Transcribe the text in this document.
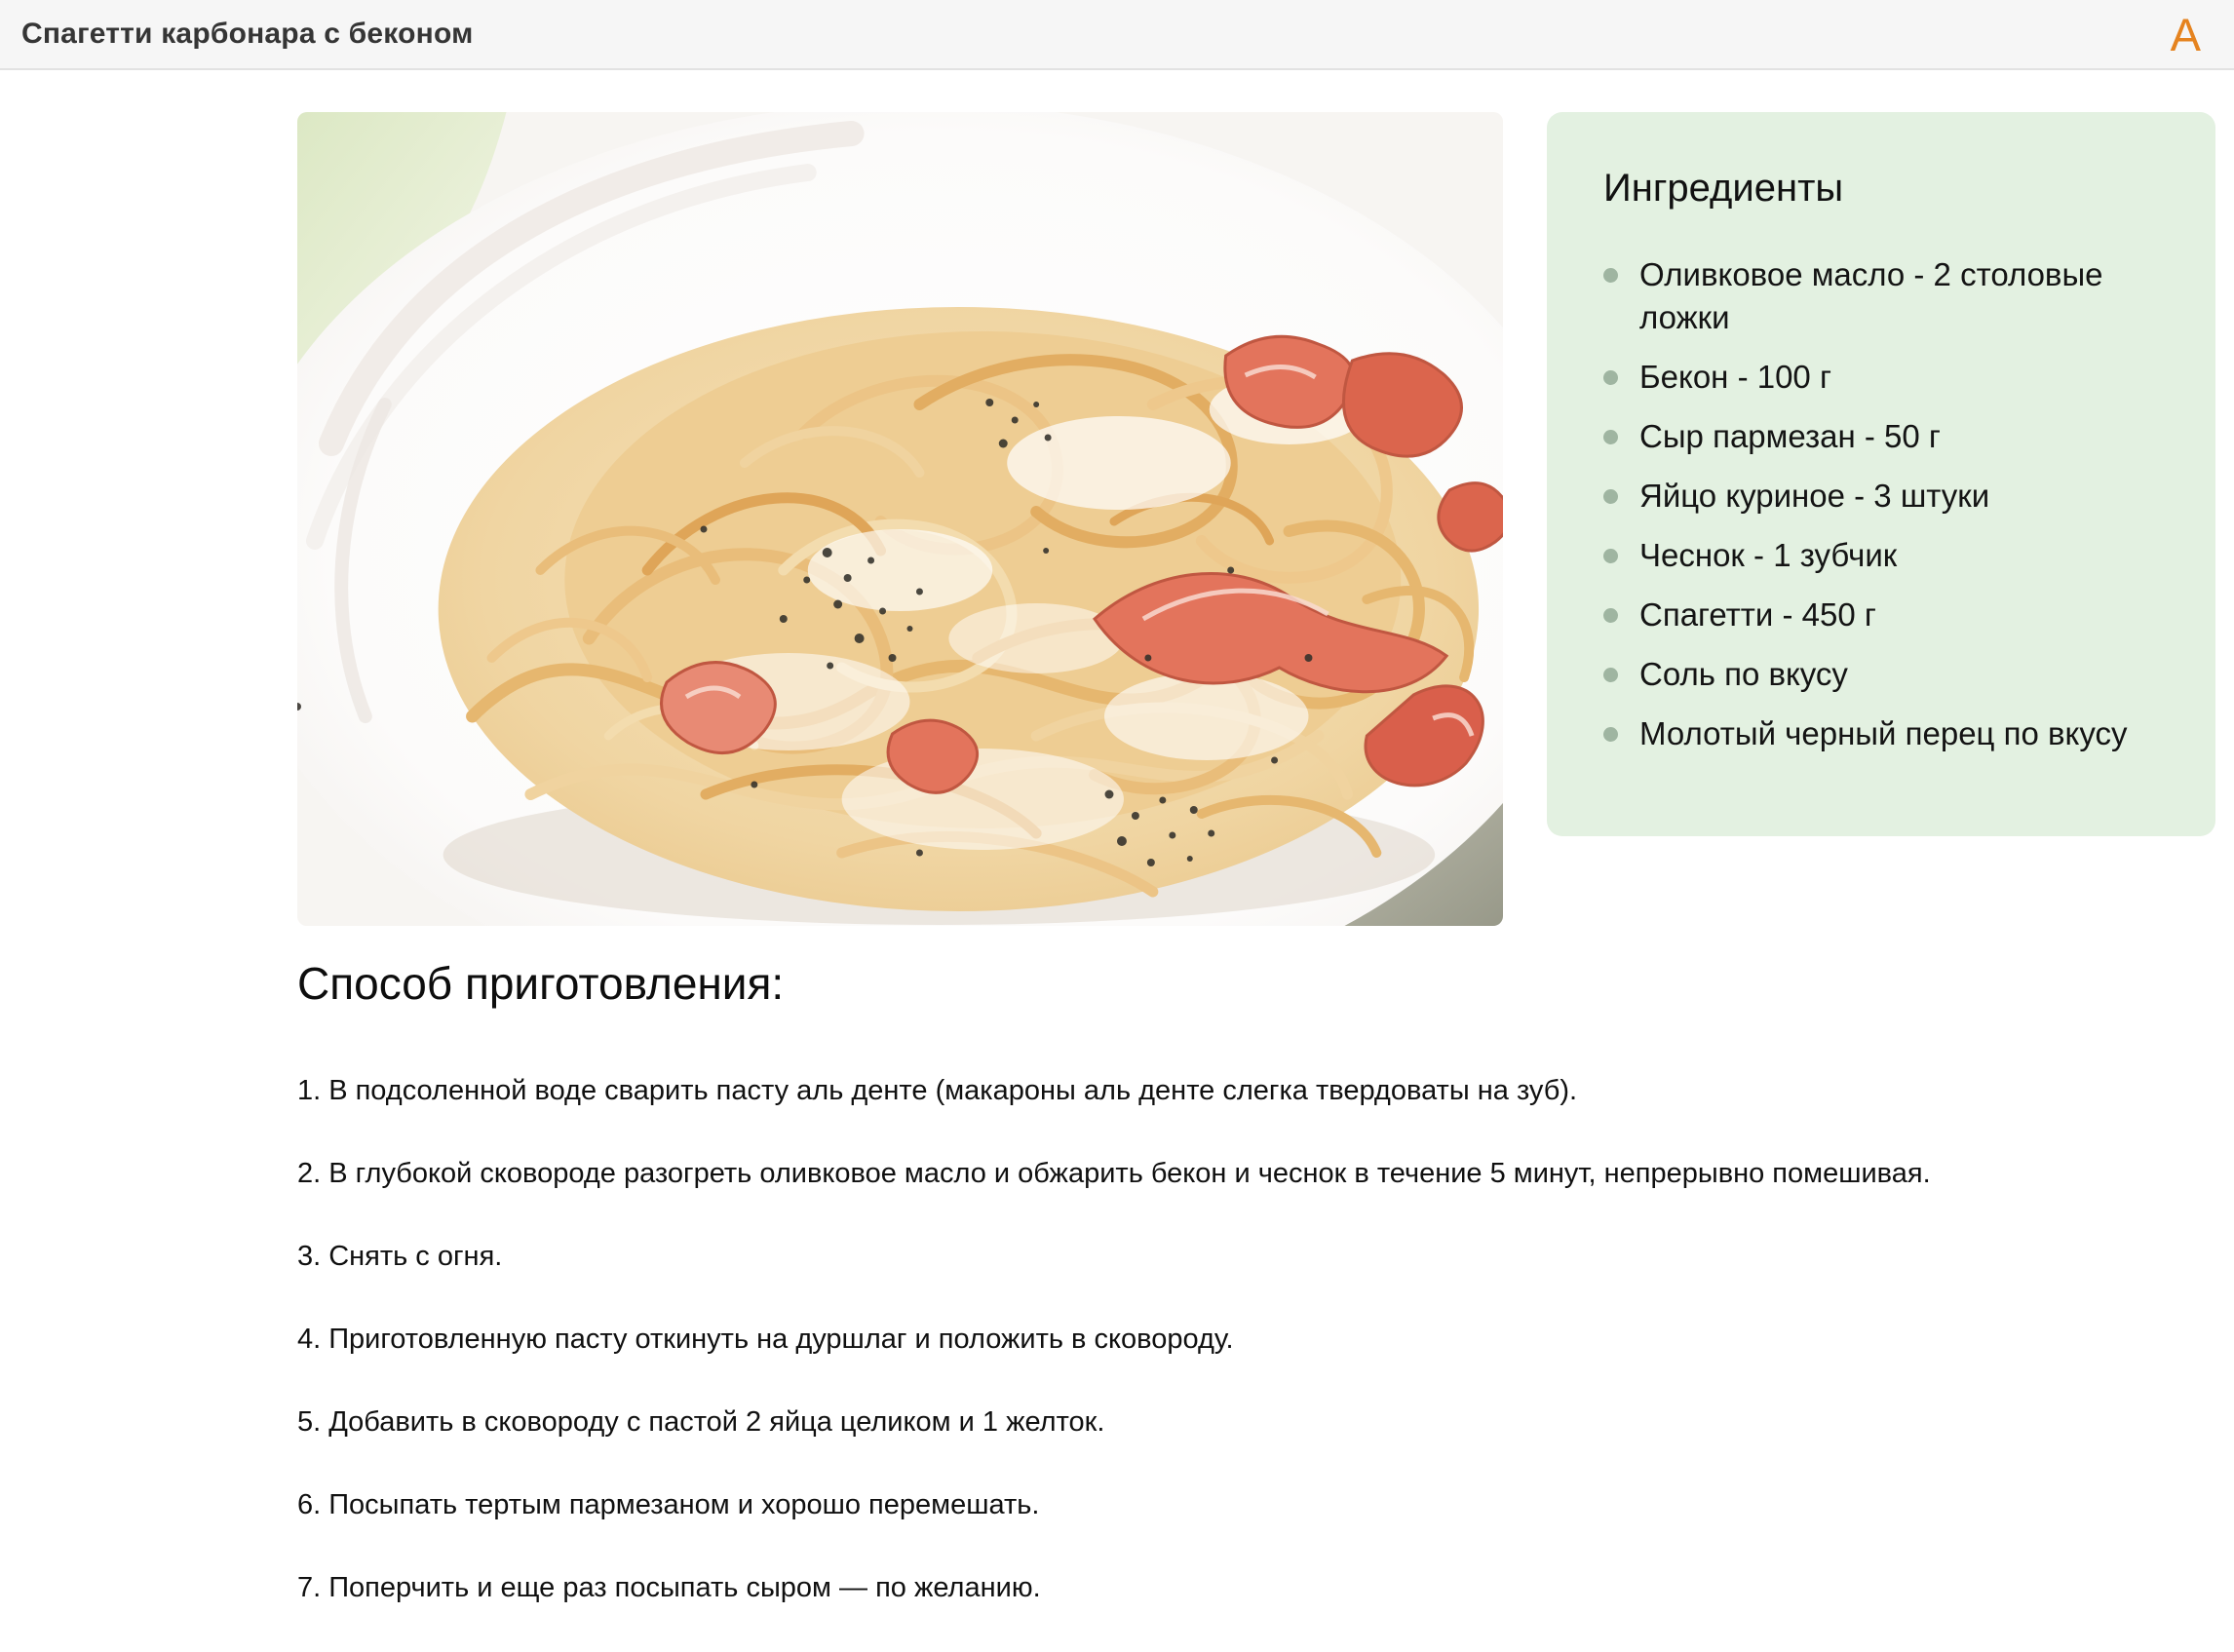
Спагетти карбонара с беконом	A
Ингредиенты
Оливковое масло - 2 столовые ложки
Бекон - 100 г
Сыр пармезан - 50 г
Яйцо куриное - 3 штуки
Чеснок - 1 зубчик
Спагетти - 450 г
Соль по вкусу
Молотый черный перец по вкусу
Способ приготовления:

1. В подсоленной воде сварить пасту аль денте (макароны аль денте слегка твердоваты на зуб).

2. В глубокой сковороде разогреть оливковое масло и обжарить бекон и чеснок в течение 5 минут, непрерывно помешивая.

3. Снять с огня.

4. Приготовленную пасту откинуть на дуршлаг и положить в сковороду.

5. Добавить в сковороду с пастой 2 яйца целиком и 1 желток.

6. Посыпать тертым пармезаном и хорошо перемешать.

7. Поперчить и еще раз посыпать сыром — по желанию.
